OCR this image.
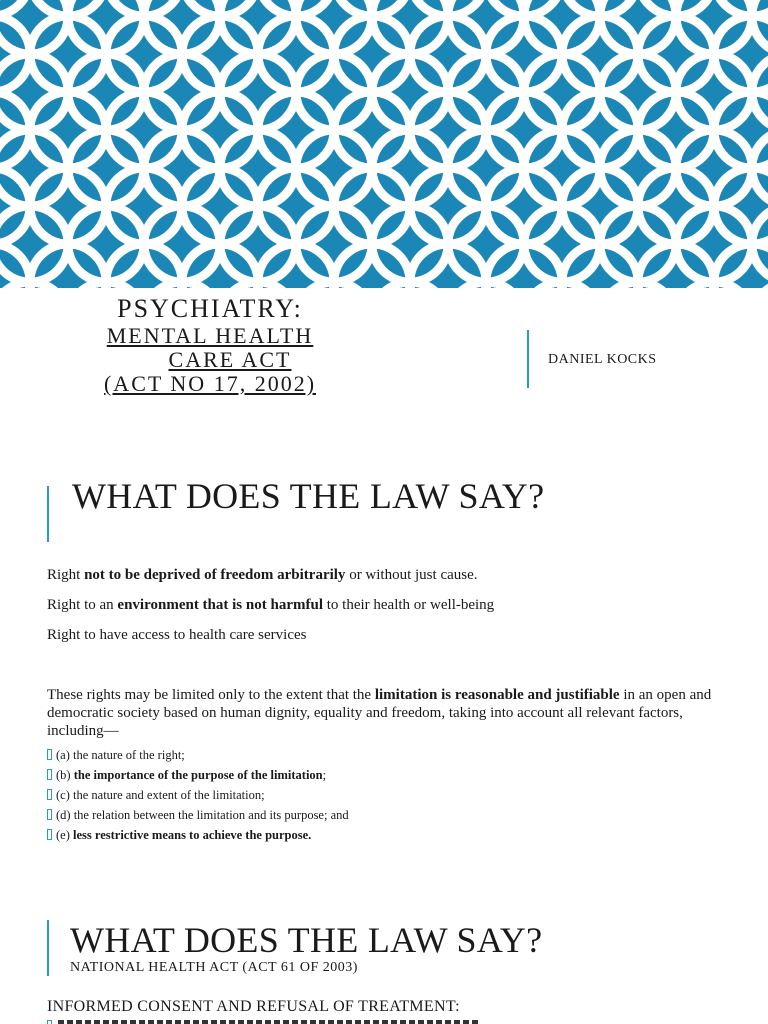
PSYCHIATRY:
MENTAL HEALTH
CARE ACT
(ACT NO 17, 2002)
DANIEL KOCKS
WHAT DOES THE LAW SAY?

Right not to be deprived of freedom arbitrarily or without just cause.

Right to an environment that is not harmful to their health or well-being

Right to have access to health care services

These rights may be limited only to the extent that the limitation is reasonable and justifiable in an open and democratic society based on human dignity, equality and freedom, taking into account all relevant factors, including—
(a) the nature of the right;
(b) the importance of the purpose of the limitation;
(c) the nature and extent of the limitation;
(d) the relation between the limitation and its purpose; and
(e) less restrictive means to achieve the purpose.
WHAT DOES THE LAW SAY?
NATIONAL HEALTH ACT (ACT 61 OF 2003)
INFORMED CONSENT AND REFUSAL OF TREATMENT:
